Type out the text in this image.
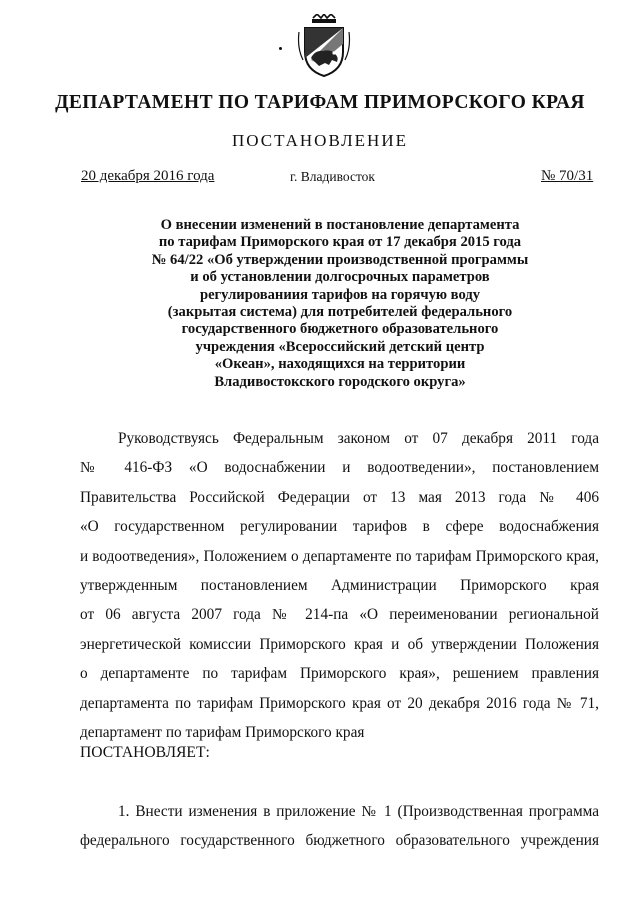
ДЕПАРТАМЕНТ ПО ТАРИФАМ ПРИМОРСКОГО КРАЯ
ПОСТАНОВЛЕНИЕ
20 декабря 2016 года	г. Владивосток	№ 70/31
О внесении изменений в постановление департамента
по тарифам Приморского края от 17 декабря 2015 года
№ 64/22 «Об утверждении производственной программы
и об установлении долгосрочных параметров
регулированиия тарифов на горячую воду
(закрытая система) для потребителей федерального
государственного бюджетного образовательного
учреждения «Всероссийский детский центр
«Океан», находящихся на территории
Владивостокского городского округа»
Руководствуясь Федеральным законом от 07 декабря 2011 года
№ 416-ФЗ «О водоснабжении и водоотведении», постановлением
Правительства Российской Федерации от 13 мая 2013 года № 406
«О государственном регулировании тарифов в сфере водоснабжения
и водоотведения», Положением о департаменте по тарифам Приморского края,
утвержденным постановлением Администрации Приморского края
от 06 августа 2007 года № 214-па «О переименовании региональной
энергетической комиссии Приморского края и об утверждении Положения
о департаменте по тарифам Приморского края», решением правления
департамента по тарифам Приморского края от 20 декабря 2016 года № 71,
департамент по тарифам Приморского края
ПОСТАНОВЛЯЕТ:
1. Внести изменения в приложение № 1 (Производственная программа
федерального государственного бюджетного образовательного учреждения
